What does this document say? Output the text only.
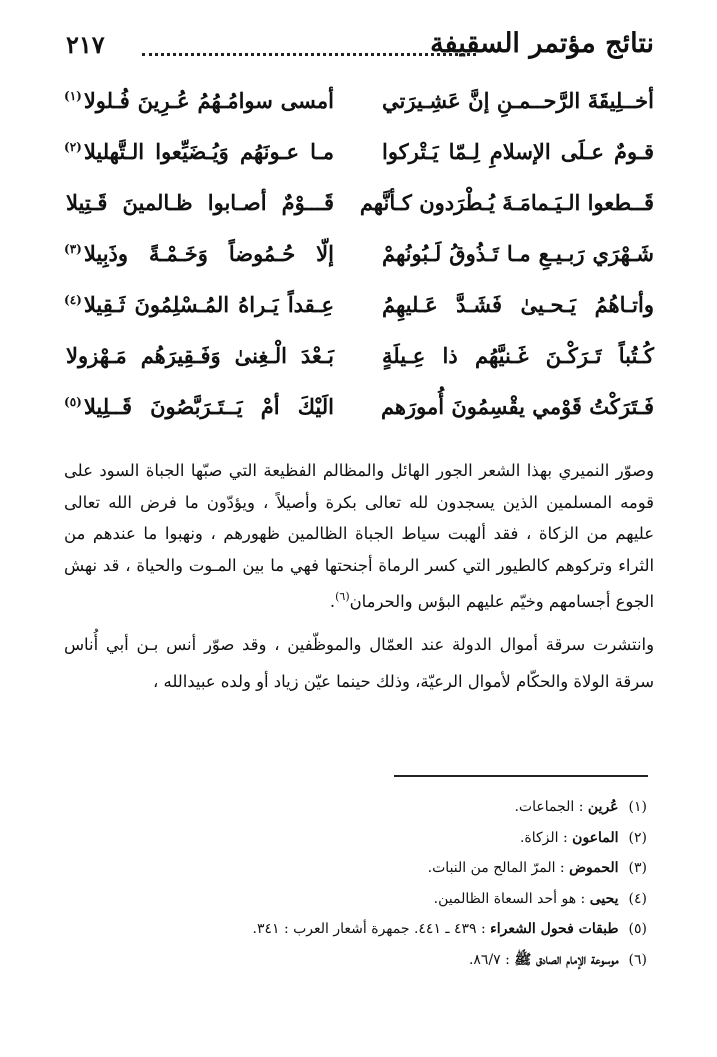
نتائج مؤتمر السقيفة
٢١٧
أخــلِيقَةَ الرَّحــمـنِ إنَّ عَشِـيرَتي
أمسى سوامُـهُمُ عُـرِينَ فُـلولا$^{(١)}$
قـومٌ عـلَى الإسلامِ لِـمّا يَـتْركوا
مـا عـونَهُم وَيُـضَيِّعوا الـتَّهليلا$^{(٢)}$
قَــطعوا الـيَـمامَـةَ يُـطْرَدون كـأنَّهم
قَـــوْمٌ أصـابوا ظـالمينَ قَـتِيلا
شَـهْرَي رَبـيـعِ مـا تَـذُوقُ لَـبُونُهمْ
إلّا حُـمُوضاً وَخَـمْـةً وذَبِيلا$^{(٣)}$
وأتـاهُمُ يَـحـيىٰ فَشَـدَّ عَـليهِمُ
عِـقداً يَـراهُ المُـسْلِمُونَ ثَـقِيلا$^{(٤)}$
كُـتُباً تَـرَكْـنَ غَـنيَّهُم ذا عِـيلَةٍ
بَـعْدَ الْـغِنىٰ وَفَـقِيرَهُم مَـهْزولا
فَـتَرَكْتُ قَوْمي يقْسِمُونَ أُمورَهم
الَيْكَ أمْ يَــتَـرَبَّصُونَ قَــلِيلا$^{(٥)}$

وصوّر النميري بهذا الشعر الجور الهائل والمظالم الفظيعة التي صبّها الجباة السود على قومه المسلمين الذين يسجدون لله تعالى بكرة وأصيلاً ، ويؤدّون ما فرض الله تعالى عليهم من الزكاة ، فقد ألهبت سياط الجباة الظالمين ظهورهم ، ونهبوا ما عندهم من الثراء وتركوهم كالطيور التي كسر الرماة أجنحتها فهي ما بين المـوت والحياة ، قد نهش الجوع أجسامهم وخيّم عليهم البؤس والحرمان$^{(٦)}$.

وانتشرت سرقة أموال الدولة عند العمّال والموظّفين ، وقد صوّر أنس بـن أبي أُناس سرقة الولاة والحكّام لأموال الرعيّة، وذلك حينما عيّن زياد أو ولده عبيدالله ،

(١) عُرين : الجماعات.
(٢) الماعون : الزكاة.
(٣) الحموض : المرّ المالح من النبات.
(٤) يحيى : هو أحد السعاة الظالمين.
(٥) طبقات فحول الشعراء : ٤٣٩ ـ ٤٤١. جمهرة أشعار العرب : ٣٤١.
(٦) موسوعة الإمام الصادق ﷺ : ٨٦/٧.
